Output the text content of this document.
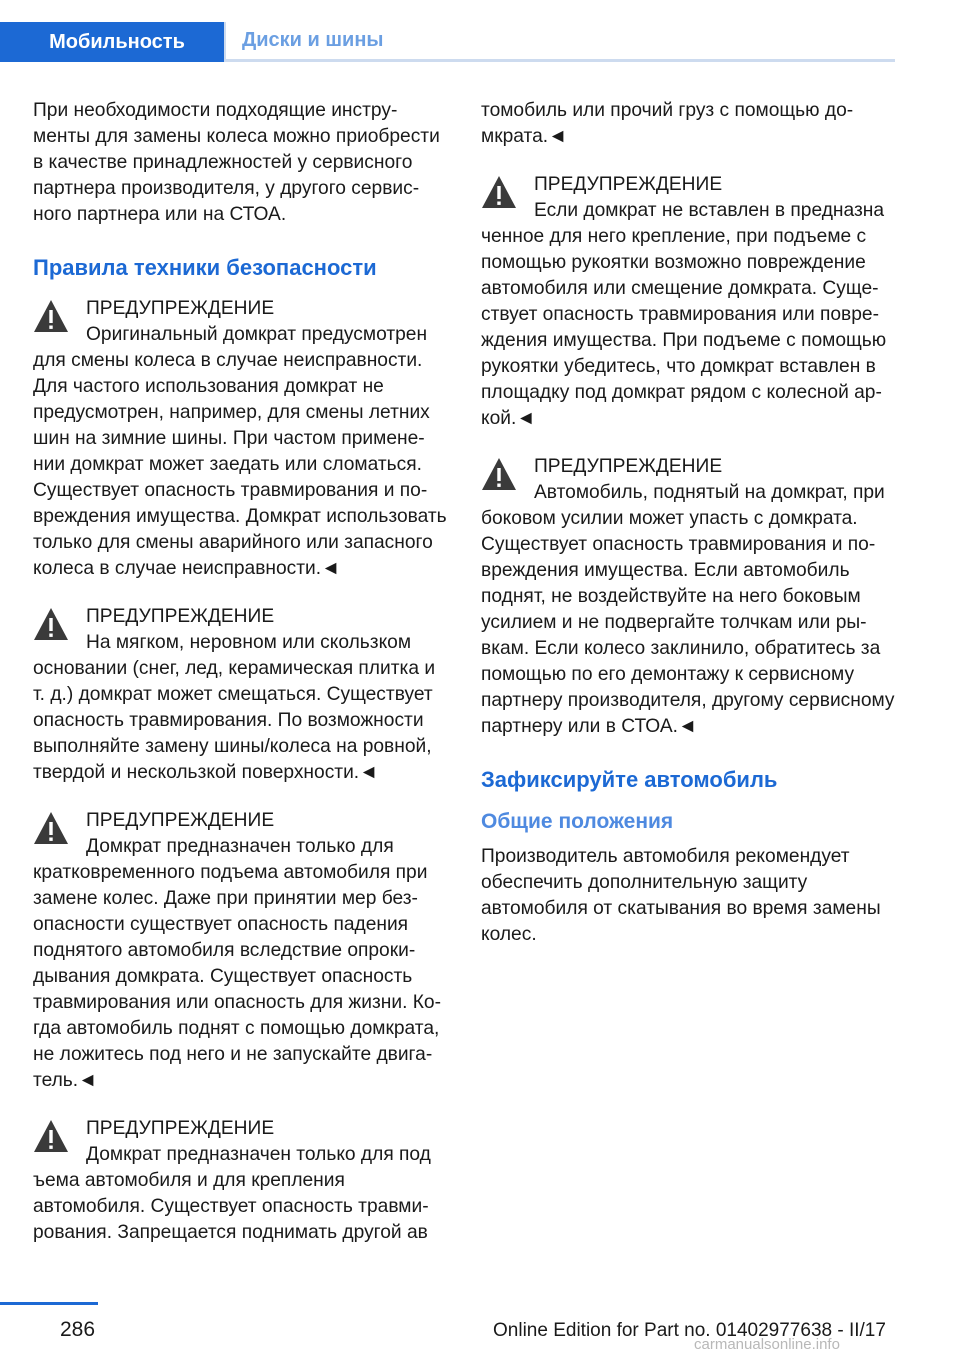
Мобильность	Диски и шины

При необходимости подходящие инструменты для замены колеса можно приобрести в качестве принадлежностей у сервисного партнера производителя, у другого сервисного партнера или на СТОА.

Правила техники безопасности
ПРЕДУПРЕЖДЕНИЕ
Оригинальный домкрат предусмотрен
для смены колеса в случае неисправности. Для частого использования домкрат не предусмотрен, например, для смены летних шин на зимние шины. При частом применении домкрат может заедать или сломаться. Существует опасность травмирования и повреждения имущества. Домкрат использовать только для смены аварийного или запасного колеса в случае неисправности.◄
ПРЕДУПРЕЖДЕНИЕ
На мягком, неровном или скользком
основании (снег, лед, керамическая плитка и т. д.) домкрат может смещаться. Существует опасность травмирования. По возможности выполняйте замену шины/колеса на ровной, твердой и нескользкой поверхности.◄
ПРЕДУПРЕЖДЕНИЕ
Домкрат предназначен только для
кратковременного подъема автомобиля при замене колес. Даже при принятии мер безопасности существует опасность падения поднятого автомобиля вследствие опрокидывания домкрата. Существует опасность травмирования или опасность для жизни. Когда автомобиль поднят с помощью домкрата, не ложитесь под него и не запускайте двигатель.◄
ПРЕДУПРЕЖДЕНИЕ
Домкрат предназначен только для под
ъема автомобиля и для крепления автомобиля. Существует опасность травмирования. Запрещается поднимать другой ав

томобиль или прочий груз с помощью домкрата.◄

ПРЕДУПРЕЖДЕНИЕ
Если домкрат не вставлен в предназна
ченное для него крепление, при подъеме с помощью рукоятки возможно повреждение автомобиля или смещение домкрата. Существует опасность травмирования или повреждения имущества. При подъеме с помощью рукоятки убедитесь, что домкрат вставлен в площадку под домкрат рядом с колесной аркой.◄
ПРЕДУПРЕЖДЕНИЕ
Автомобиль, поднятый на домкрат, при
боковом усилии может упасть с домкрата. Существует опасность травмирования и повреждения имущества. Если автомобиль поднят, не воздействуйте на него боковым усилием и не подвергайте толчкам или рывкам. Если колесо заклинило, обратитесь за помощью по его демонтажу к сервисному партнеру производителя, другому сервисному партнеру или в СТОА.◄
Зафиксируйте автомобиль
Общие положения

Производитель автомобиля рекомендует обеспечить дополнительную защиту автомобиля от скатывания во время замены колес.

286	Online Edition for Part no. 01402977638 - II/17
carmanualsonline.info
